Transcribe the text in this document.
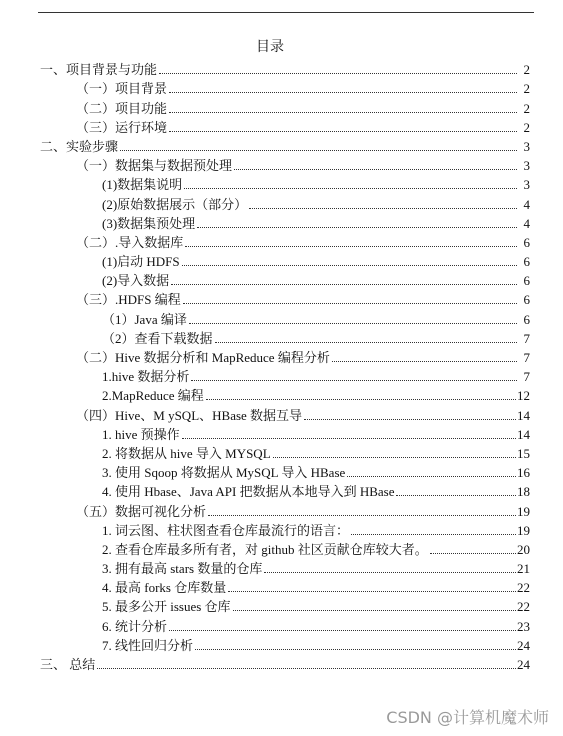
目录
一、项目背景与功能	2
（一）项目背景	2
（二）项目功能	2
（三）运行环境	2
二、实验步骤	3
（一）数据集与数据预处理	3
(1)数据集说明	3
(2)原始数据展示（部分）	4
(3)数据集预处理	4
（二）.导入数据库	6
(1)启动 HDFS	6
(2)导入数据	6
（三）.HDFS 编程	6
（1）Java 编译	6
（2）查看下载数据	7
（二）Hive 数据分析和 MapReduce 编程分析	7
1.hive 数据分析	7
2.MapReduce 编程	12
（四）Hive、M ySQL、HBase 数据互导	14
1. hive 预操作	14
2. 将数据从 hive 导入 MYSQL	15
3. 使用 Sqoop 将数据从 MySQL 导入 HBase	16
4. 使用 Hbase、Java API 把数据从本地导入到 HBase	18
（五）数据可视化分析	19
1. 词云图、柱状图查看仓库最流行的语言：	19
2. 查看仓库最多所有者，对 github 社区贡献仓库较大者。	20
3. 拥有最高 stars 数量的仓库	21
4. 最高 forks 仓库数量	22
5. 最多公开 issues 仓库	22
6. 统计分析	23
7. 线性回归分析	24
三、 总结	24
CSDN @计算机魔术师
